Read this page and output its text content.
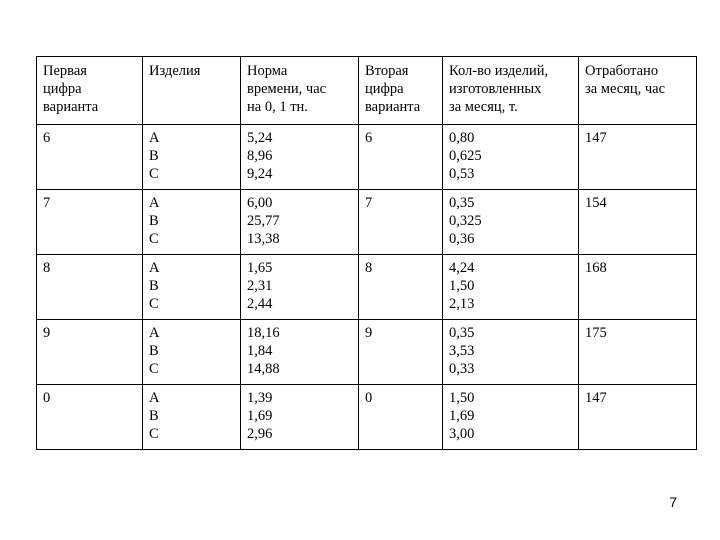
Первая
цифра
варианта	Изделия	Норма
времени, час
на 0, 1 тн.	Вторая
цифра
варианта	Кол-во изделий,
изготовленных
за месяц, т.	Отработано
за месяц, час
6	А
В
С	5,24
8,96
9,24	6	0,80
0,625
0,53	147
7	А
В
С	6,00
25,77
13,38	7	0,35
0,325
0,36	154
8	А
В
С	1,65
2,31
2,44	8	4,24
1,50
2,13	168
9	А
В
С	18,16
1,84
14,88	9	0,35
3,53
0,33	175
0	А
В
С	1,39
1,69
2,96	0	1,50
1,69
3,00	147
7
